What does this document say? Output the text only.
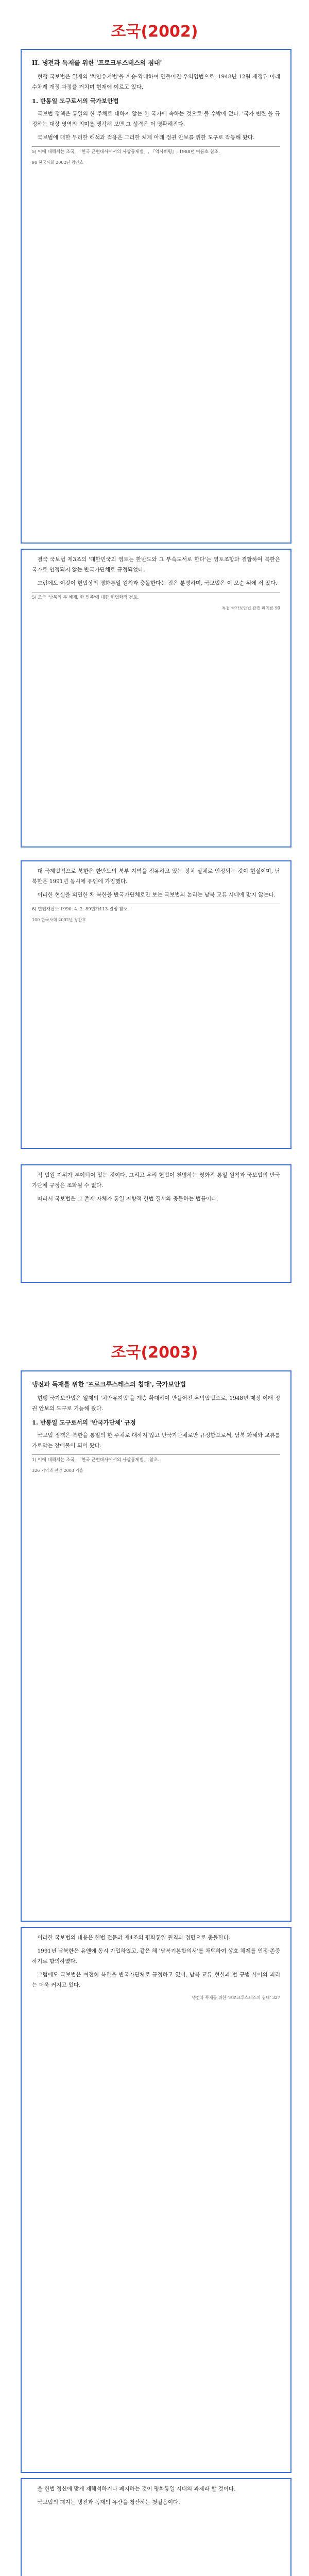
조국(2002)
II. 냉전과 독재를 위한 '프로크루스테스의 침대'

현행 국보법은 일제의 '치안유지법'을 계승·확대하여 만들어진 우익입법으로, 1948년 12월 제정된 이래 수차례 개정 과정을 거치며 현재에 이르고 있다.

1. 반통일 도구로서의 국가보안법

국보법 정책은 통일의 한 주체로 대하지 않는 한 국가에 속하는 것으로 볼 수밖에 없다. '국가 변란'을 규정하는 대상 영역의 의미를 생각해 보면 그 성격은 더 명확해진다.

국보법에 대한 무리한 해석과 적용은 그러한 체제 아래 정권 안보를 위한 도구로 작동해 왔다.

5) 이에 대해서는 조국, 「한국 근현대사에서의 사상통제법」, 『역사비평』, 1988년 여름호 참조.
98 한국사회 2002년 창간호

결국 국보법 제3조의 '대한민국의 영토는 한반도와 그 부속도서로 한다'는 영토조항과 결합하여 북한은 국가로 인정되지 않는 반국가단체로 규정되었다.

그럼에도 이것이 헌법상의 평화통일 원칙과 충돌한다는 점은 분명하며, 국보법은 이 모순 위에 서 있다.

5) 조국 '남북의 두 체제, 한 민족'에 대한 헌법학적 검토.
특집 국가보안법 완전 폐지론 99

대 국제법적으로 북한은 한반도의 북부 지역을 점유하고 있는 정치 실체로 인정되는 것이 현실이며, 남북한은 1991년 동시에 유엔에 가입했다.

이러한 현실을 외면한 채 북한을 반국가단체로만 보는 국보법의 논리는 남북 교류 시대에 맞지 않는다.

6) 헌법재판소 1990. 4. 2. 89헌가113 결정 참조.
100 한국사회 2002년 창간호

적 법원 지위가 부여되어 있는 것이다. 그리고 우리 헌법이 천명하는 평화적 통일 원칙과 국보법의 반국가단체 규정은 조화될 수 없다.

따라서 국보법은 그 존재 자체가 통일 지향적 헌법 질서와 충돌하는 법률이다.

조국(2003)
냉전과 독재를 위한 '프로크루스테스의 침대', 국가보안법

현행 국가보안법은 일제의 '치안유지법'을 계승·확대하여 만들어진 우익입법으로, 1948년 제정 이래 정권 안보의 도구로 기능해 왔다.

1. 반통일 도구로서의 '반국가단체' 규정

국보법 정책은 북한을 통일의 한 주체로 대하지 않고 반국가단체로만 규정함으로써, 남북 화해와 교류를 가로막는 장애물이 되어 왔다.

1) 이에 대해서는 조국, 「한국 근현대사에서의 사상통제법」 참조.
326 기억과 전망 2003 가을

이러한 국보법의 내용은 헌법 전문과 제4조의 평화통일 원칙과 정면으로 충돌한다.

1991년 남북한은 유엔에 동시 가입하였고, 같은 해 '남북기본합의서'를 채택하여 상호 체제를 인정·존중하기로 합의하였다.

그럼에도 국보법은 여전히 북한을 반국가단체로 규정하고 있어, 남북 교류 현실과 법 규범 사이의 괴리는 더욱 커지고 있다.

냉전과 독재를 위한 '프로크루스테스의 침대' 327

을 헌법 정신에 맞게 재해석하거나 폐지하는 것이 평화통일 시대의 과제라 할 것이다.

국보법의 폐지는 냉전과 독재의 유산을 청산하는 첫걸음이다.
